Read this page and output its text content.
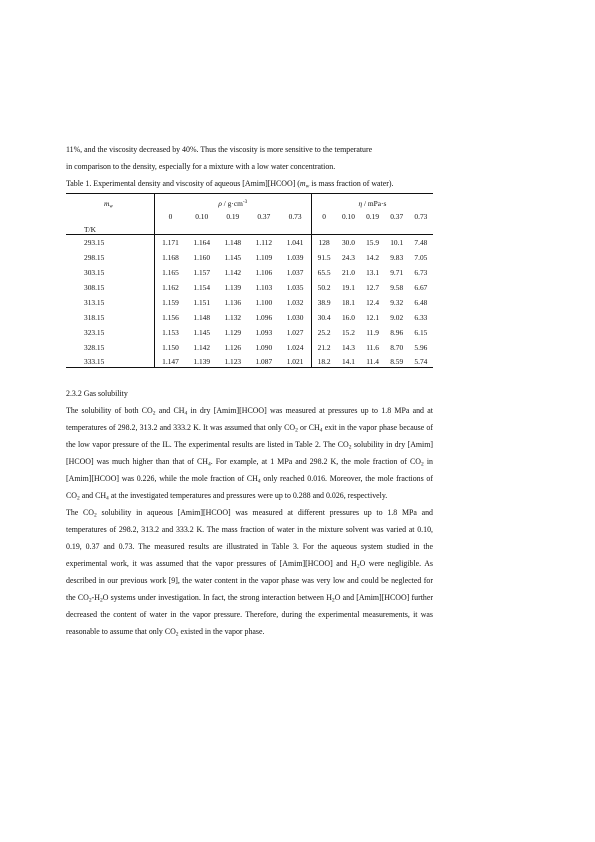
11%, and the viscosity decreased by 40%. Thus the viscosity is more sensitive to the temperature
in comparison to the density, especially for a mixture with a low water concentration.

Table 1. Experimental density and viscosity of aqueous [Amim][HCOO] ($m_w$ is mass fraction of water).

$m_w$	$\rho / g\cdot cm^{-3}$					η / mPa·s				
	0	0.10	0.19	0.37	0.73	0	0.10	0.19	0.37	0.73
T/K										
293.15	1.171	1.164	1.148	1.112	1.041	128	30.0	15.9	10.1	7.48
298.15	1.168	1.160	1.145	1.109	1.039	91.5	24.3	14.2	9.83	7.05
303.15	1.165	1.157	1.142	1.106	1.037	65.5	21.0	13.1	9.71	6.73
308.15	1.162	1.154	1.139	1.103	1.035	50.2	19.1	12.7	9.58	6.67
313.15	1.159	1.151	1.136	1.100	1.032	38.9	18.1	12.4	9.32	6.48
318.15	1.156	1.148	1.132	1.096	1.030	30.4	16.0	12.1	9.02	6.33
323.15	1.153	1.145	1.129	1.093	1.027	25.2	15.2	11.9	8.96	6.15
328.15	1.150	1.142	1.126	1.090	1.024	21.2	14.3	11.6	8.70	5.96
333.15	1.147	1.139	1.123	1.087	1.021	18.2	14.1	11.4	8.59	5.74
2.3.2 Gas solubility

The solubility of both $CO_2$ and $CH_4$ in dry [Amim][HCOO] was measured at pressures up to 1.8 MPa and at temperatures of 298.2, 313.2 and 333.2 K. It was assumed that only $CO_2$ or $CH_4$ exit in the vapor phase because of the low vapor pressure of the IL. The experimental results are listed in Table 2. The $CO_2$ solubility in dry [Amim][HCOO] was much higher than that of $CH_4$. For example, at 1 MPa and 298.2 K, the mole fraction of $CO_2$ in [Amim][HCOO] was 0.226, while the mole fraction of $CH_4$ only reached 0.016. Moreover, the mole fractions of $CO_2$ and $CH_4$ at the investigated temperatures and pressures were up to 0.288 and 0.026, respectively.

The $CO_2$ solubility in aqueous [Amim][HCOO] was measured at different pressures up to 1.8 MPa and temperatures of 298.2, 313.2 and 333.2 K. The mass fraction of water in the mixture solvent was varied at 0.10, 0.19, 0.37 and 0.73. The measured results are illustrated in Table 3. For the aqueous system studied in the experimental work, it was assumed that the vapor pressures of [Amim][HCOO] and $H_2O$ were negligible. As described in our previous work [9], the water content in the vapor phase was very low and could be neglected for the $CO_2-H_2O$ systems under investigation. In fact, the strong interaction between $H_2O$ and [Amim][HCOO] further decreased the content of water in the vapor pressure. Therefore, during the experimental measurements, it was reasonable to assume that only $CO_2$ existed in the vapor phase.
